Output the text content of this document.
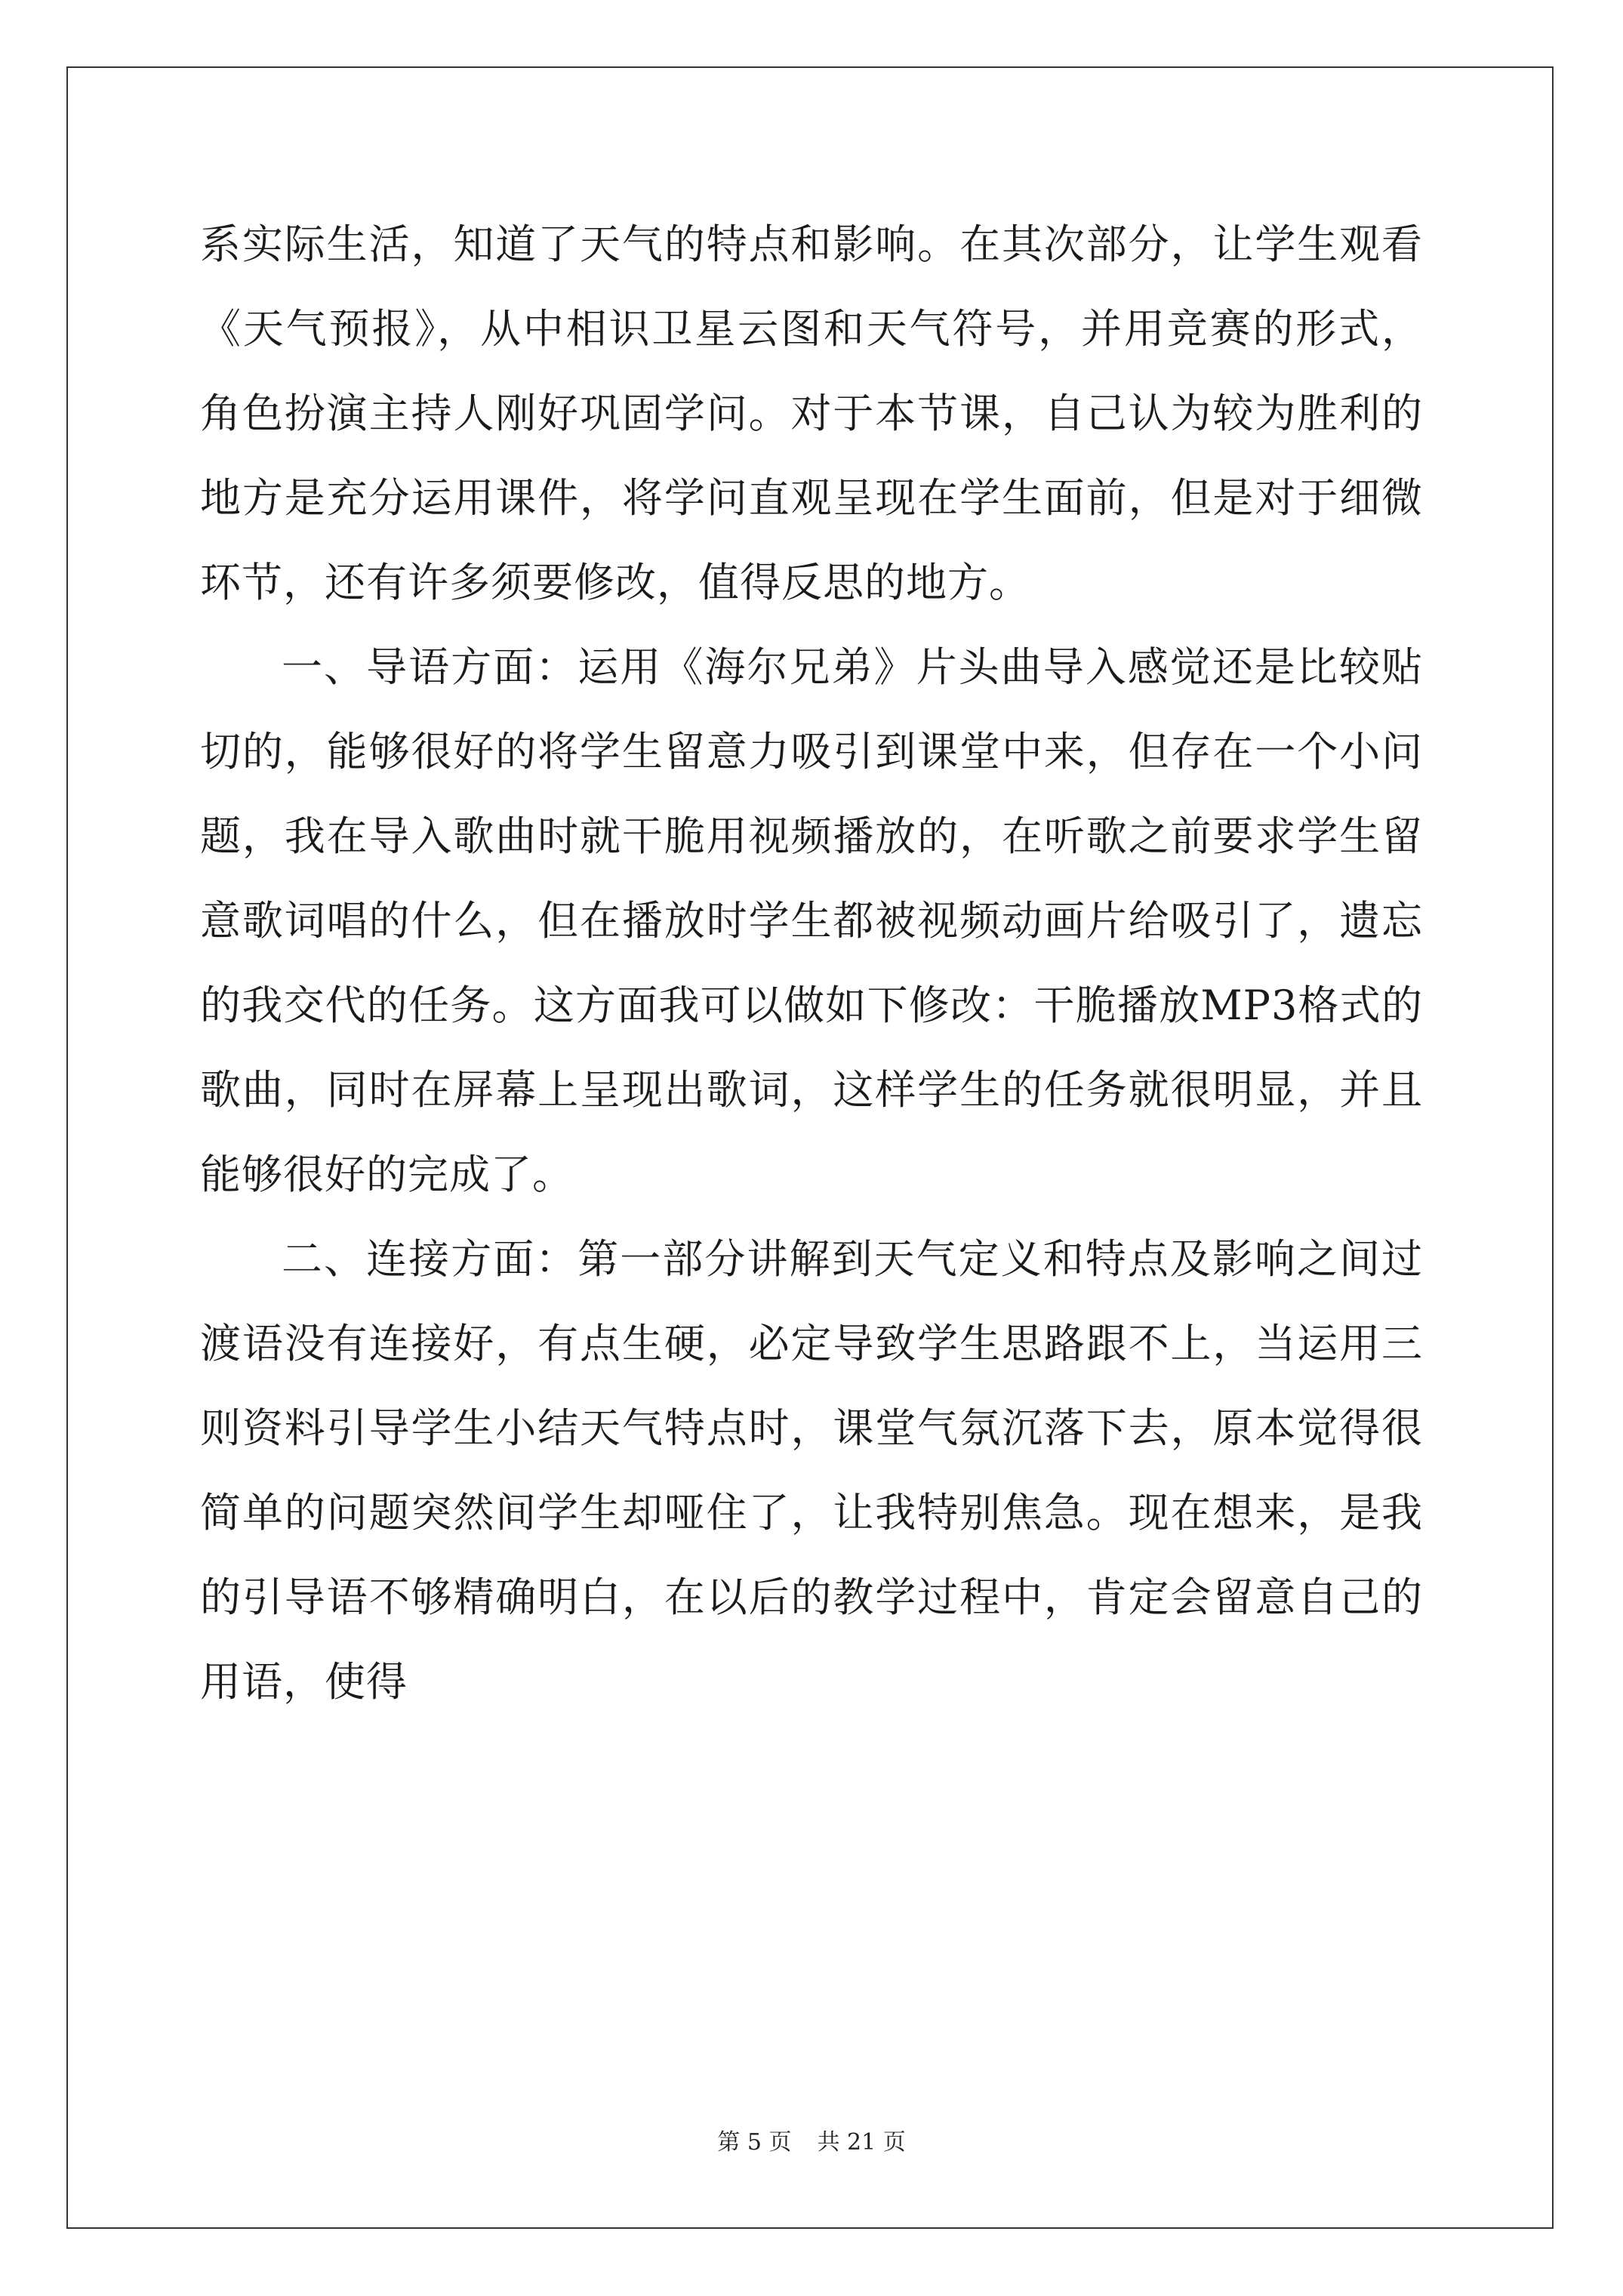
系实际生活，知道了天气的特点和影响。在其次部分，让学生观看《天气预报》，从中相识卫星云图和天气符号，并用竞赛的形式，角色扮演主持人刚好巩固学问。对于本节课，自己认为较为胜利的地方是充分运用课件，将学问直观呈现在学生面前，但是对于细微环节，还有许多须要修改，值得反思的地方。

一、导语方面：运用《海尔兄弟》片头曲导入感觉还是比较贴切的，能够很好的将学生留意力吸引到课堂中来，但存在一个小问题，我在导入歌曲时就干脆用视频播放的，在听歌之前要求学生留意歌词唱的什么，但在播放时学生都被视频动画片给吸引了，遗忘的我交代的任务。这方面我可以做如下修改：干脆播放MP3格式的歌曲，同时在屏幕上呈现出歌词，这样学生的任务就很明显，并且能够很好的完成了。

二、连接方面：第一部分讲解到天气定义和特点及影响之间过渡语没有连接好，有点生硬，必定导致学生思路跟不上，当运用三则资料引导学生小结天气特点时，课堂气氛沉落下去，原本觉得很简单的问题突然间学生却哑住了，让我特别焦急。现在想来，是我的引导语不够精确明白，在以后的教学过程中，肯定会留意自己的用语，使得

第 5 页 共 21 页
